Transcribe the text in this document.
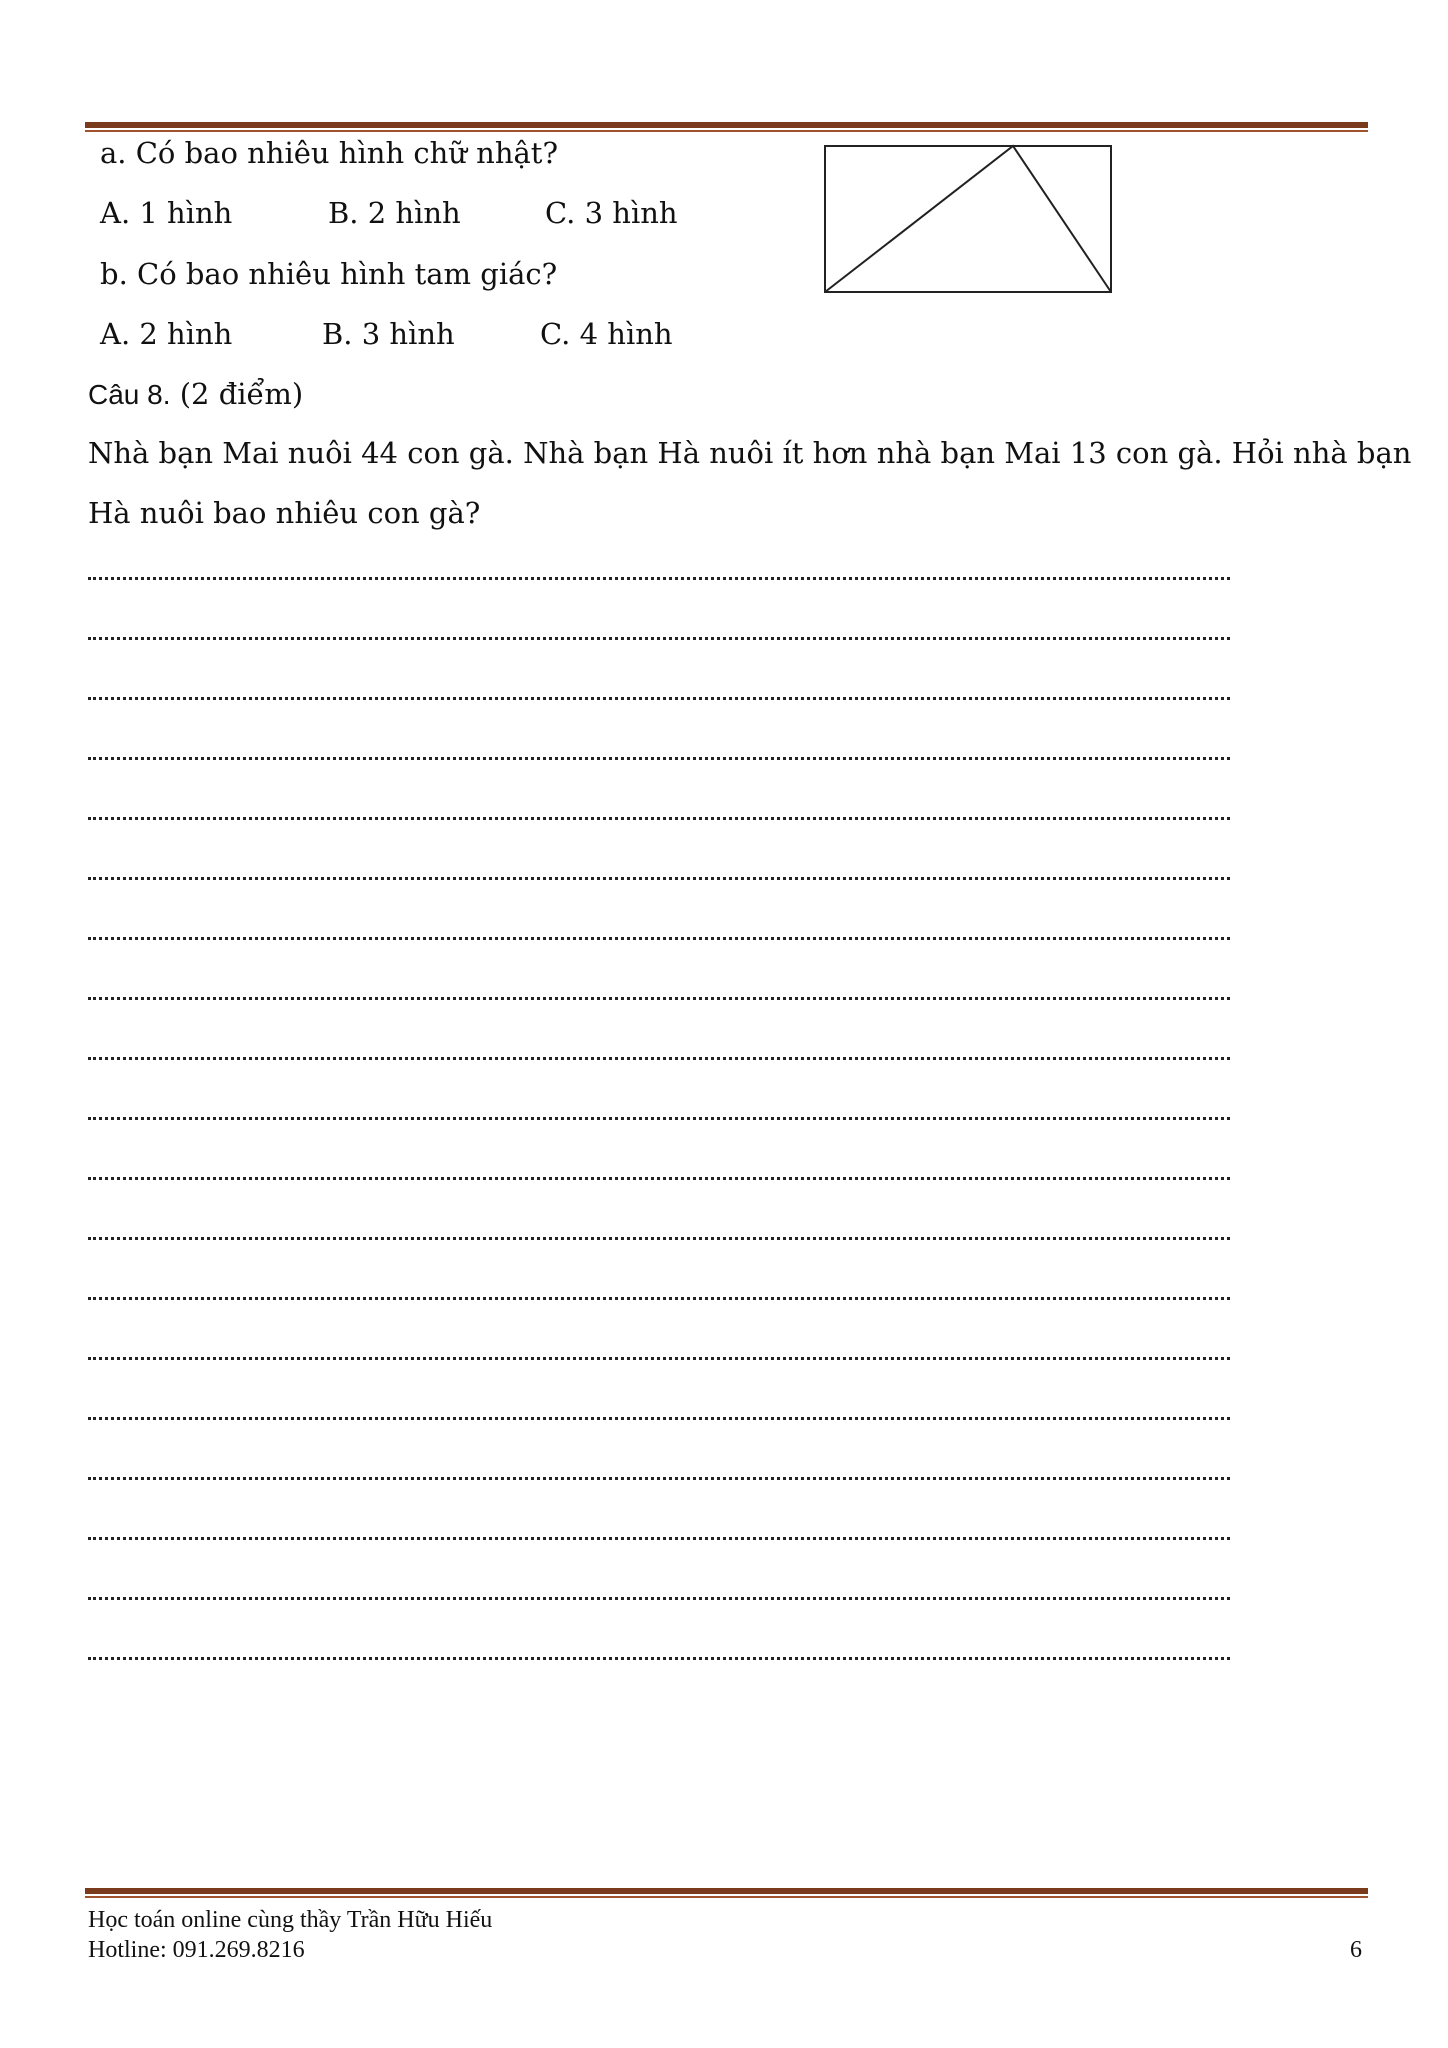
a. Có bao nhiêu hình chữ nhật?
A. 1 hình	B. 2 hình	C. 3 hình
b. Có bao nhiêu hình tam giác?
A. 2 hình	B. 3 hình	C. 4 hình
Câu 8. (2 điểm)
Nhà bạn Mai nuôi 44 con gà. Nhà bạn Hà nuôi ít hơn nhà bạn Mai 13 con gà. Hỏi nhà bạn
Hà nuôi bao nhiêu con gà?
Học toán online cùng thầy Trần Hữu Hiếu
Hotline: 091.269.8216	6
